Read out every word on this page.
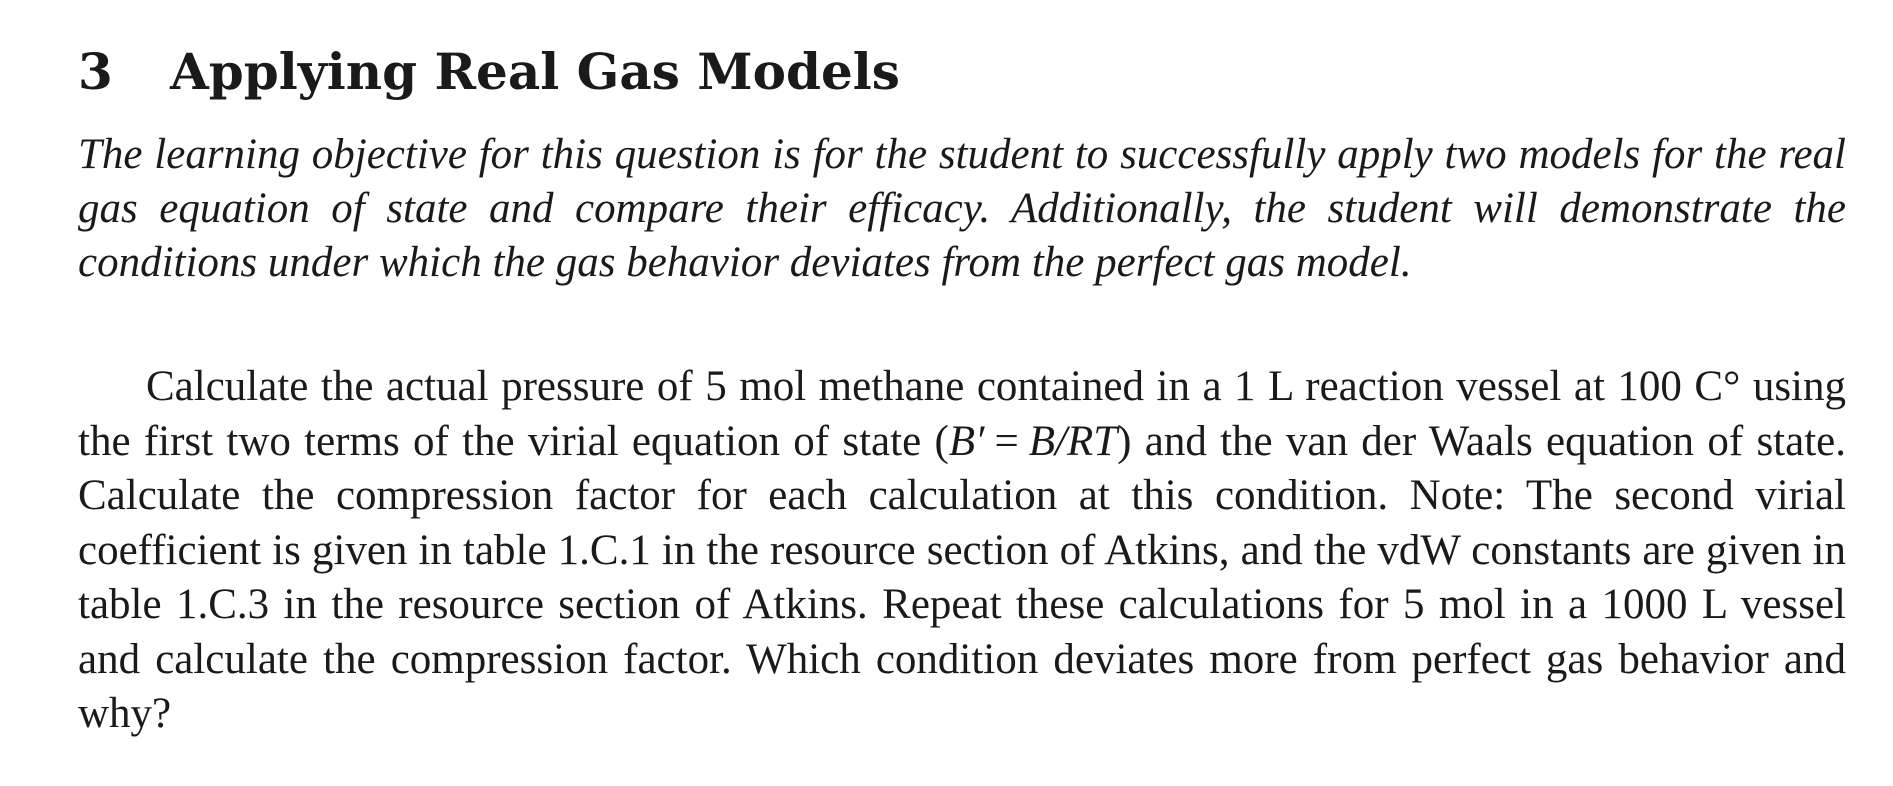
3 Applying Real Gas Models

The learning objective for this question is for the student to successfully apply two models for the real gas equation of state and compare their efficacy. Additionally, the student will demonstrate the conditions under which the gas behavior deviates from the perfect gas model.

Calculate the actual pressure of 5 mol methane contained in a 1 L reaction vessel at 100 C° using the first two terms of the virial equation of state (B′ = B/RT) and the van der Waals equation of state. Calculate the compression factor for each calculation at this condition. Note: The second virial coefficient is given in table 1.C.1 in the resource section of Atkins, and the vdW constants are given in table 1.C.3 in the resource section of Atkins. Repeat these calculations for 5 mol in a 1000 L vessel and calculate the compression factor. Which condition deviates more from perfect gas behavior and why?
